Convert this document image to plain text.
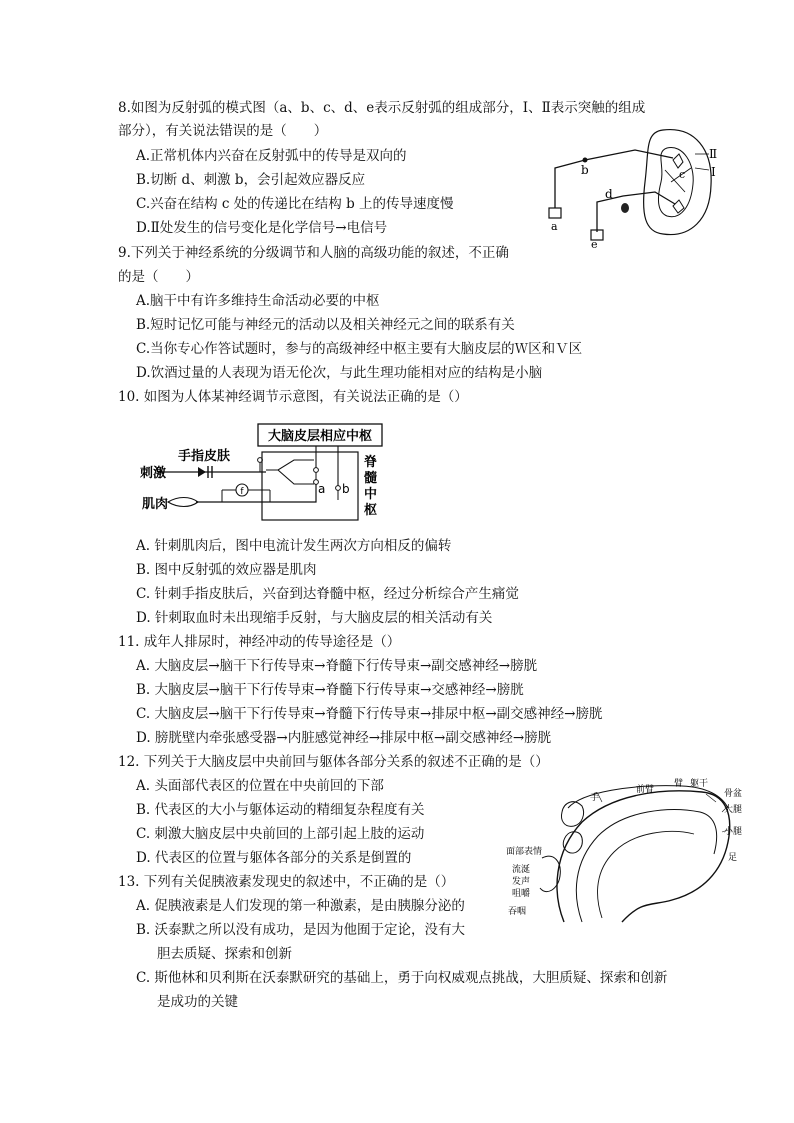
8.如图为反射弧的模式图（a、b、c、d、e表示反射弧的组成部分，Ⅰ、Ⅱ表示突触的组成
部分），有关说法错误的是（　　）
A.正常机体内兴奋在反射弧中的传导是双向的
B.切断 d、刺激 b，会引起效应器反应
C.兴奋在结构 c 处的传递比在结构 b 上的传导速度慢
D.Ⅱ处发生的信号变化是化学信号→电信号	a
b	c
d
e
Ⅱ
Ⅰ
9.下列关于神经系统的分级调节和人脑的高级功能的叙述，不正确
的是（　　）
A.脑干中有许多维持生命活动必要的中枢
B.短时记忆可能与神经元的活动以及相关神经元之间的联系有关
C.当你专心作答试题时，参与的高级神经中枢主要有大脑皮层的Ｗ区和Ｖ区
D.饮酒过量的人表现为语无伦次，与此生理功能相对应的结构是小脑
10. 如图为人体某神经调节示意图，有关说法正确的是（）
大脑皮层相应中枢
f	a b
手指皮肤
刺激
肌肉
脊
髓
中
枢
A. 针刺肌肉后，图中电流计发生两次方向相反的偏转
B. 图中反射弧的效应器是肌肉
C. 针刺手指皮肤后，兴奋到达脊髓中枢，经过分析综合产生痛觉
D. 针刺取血时未出现缩手反射，与大脑皮层的相关活动有关
11. 成年人排尿时，神经冲动的传导途径是（）
A. 大脑皮层→脑干下行传导束→脊髓下行传导束→副交感神经→膀胱
B. 大脑皮层→脑干下行传导束→脊髓下行传导束→交感神经→膀胱
C. 大脑皮层→脑干下行传导束→脊髓下行传导束→排尿中枢→副交感神经→膀胱
D. 膀胱壁内牵张感受器→内脏感觉神经→排尿中枢→副交感神经→膀胱
12. 下列关于大脑皮层中央前回与躯体各部分关系的叙述不正确的是（）
A. 头面部代表区的位置在中央前回的下部
B. 代表区的大小与躯体运动的精细复杂程度有关
C. 刺激大脑皮层中央前回的上部引起上肢的运动
D. 代表区的位置与躯体各部分的关系是倒置的
手
前臂
臂 躯干
骨盆
大腿
小腿
足
面部表情
流涎
发声
咀嚼
吞咽
13. 下列有关促胰液素发现史的叙述中，不正确的是（）
A. 促胰液素是人们发现的第一种激素，是由胰腺分泌的
B. 沃泰默之所以没有成功，是因为他囿于定论，没有大
胆去质疑、探索和创新
C. 斯他林和贝利斯在沃泰默研究的基础上，勇于向权威观点挑战，大胆质疑、探索和创新
是成功的关键
